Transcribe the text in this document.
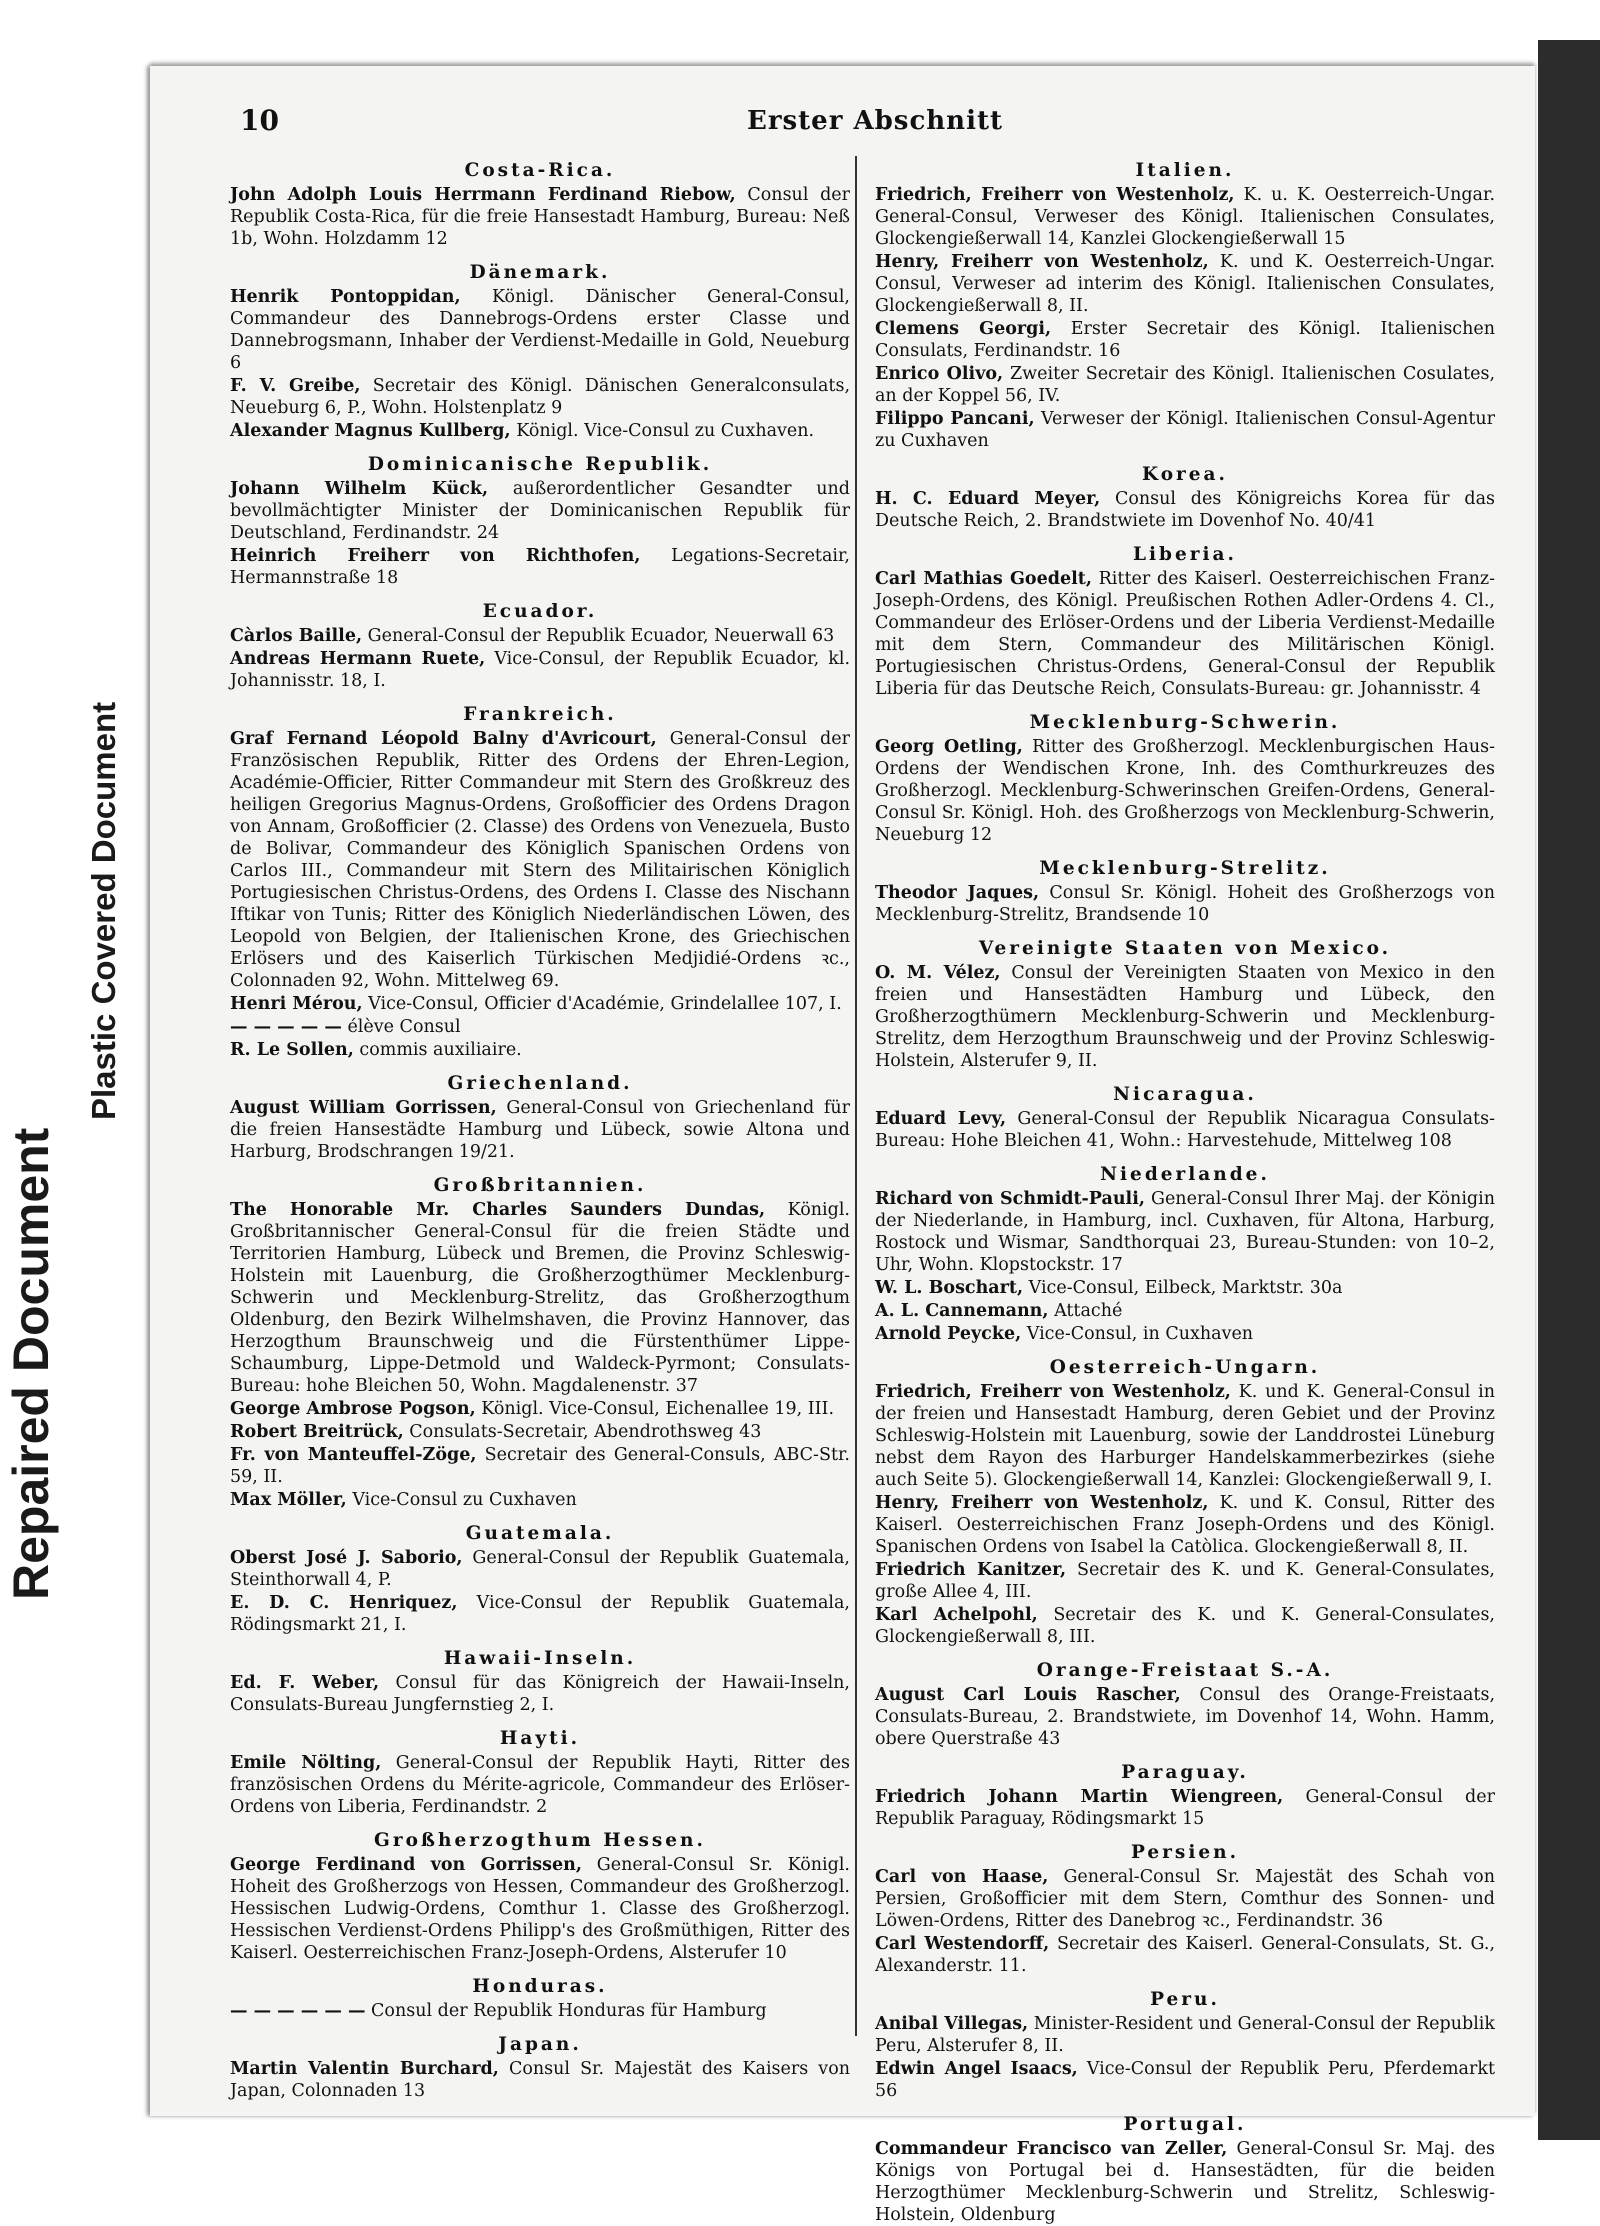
Repaired Document
Plastic Covered Document
10	Erster Abschnitt
Costa-Rica.
John Adolph Louis Herrmann Ferdinand Riebow, Consul der Republik Costa-Rica, für die freie Hansestadt Hamburg, Bureau: Neß 1b, Wohn. Holzdamm 12
Dänemark.
Henrik Pontoppidan, Königl. Dänischer General-Consul, Commandeur des Dannebrogs-Ordens erster Classe und Dannebrogsmann, Inhaber der Verdienst-Medaille in Gold, Neueburg 6
F. V. Greibe, Secretair des Königl. Dänischen Generalconsulats, Neueburg 6, P., Wohn. Holstenplatz 9
Alexander Magnus Kullberg, Königl. Vice-Consul zu Cuxhaven.
Dominicanische Republik.
Johann Wilhelm Kück, außerordentlicher Gesandter und bevollmächtigter Minister der Dominicanischen Republik für Deutschland, Ferdinandstr. 24
Heinrich Freiherr von Richthofen, Legations-Secretair, Hermannstraße 18
Ecuador.
Càrlos Baille, General-Consul der Republik Ecuador, Neuerwall 63
Andreas Hermann Ruete, Vice-Consul, der Republik Ecuador, kl. Johannisstr. 18, I.
Frankreich.
Graf Fernand Léopold Balny d'Avricourt, General-Consul der Französischen Republik, Ritter des Ordens der Ehren-Legion, Académie-Officier, Ritter Commandeur mit Stern des Großkreuz des heiligen Gregorius Magnus-Ordens, Großofficier des Ordens Dragon von Annam, Großofficier (2. Classe) des Ordens von Venezuela, Busto de Bolivar, Commandeur des Königlich Spanischen Ordens von Carlos III., Commandeur mit Stern des Militairischen Königlich Portugiesischen Christus-Ordens, des Ordens I. Classe des Nischann Iftikar von Tunis; Ritter des Königlich Niederländischen Löwen, des Leopold von Belgien, der Italienischen Krone, des Griechischen Erlösers und des Kaiserlich Türkischen Medjidié-Ordens ꝛc., Colonnaden 92, Wohn. Mittelweg 69.
Henri Mérou, Vice-Consul, Officier d'Académie, Grindelallee 107, I.
— — — — — élève Consul
R. Le Sollen, commis auxiliaire.
Griechenland.
August William Gorrissen, General-Consul von Griechenland für die freien Hansestädte Hamburg und Lübeck, sowie Altona und Harburg, Brodschrangen 19/21.
Großbritannien.
The Honorable Mr. Charles Saunders Dundas, Königl. Großbritannischer General-Consul für die freien Städte und Territorien Hamburg, Lübeck und Bremen, die Provinz Schleswig-Holstein mit Lauenburg, die Großherzogthümer Mecklenburg-Schwerin und Mecklenburg-Strelitz, das Großherzogthum Oldenburg, den Bezirk Wilhelmshaven, die Provinz Hannover, das Herzogthum Braunschweig und die Fürstenthümer Lippe-Schaumburg, Lippe-Detmold und Waldeck-Pyrmont; Consulats-Bureau: hohe Bleichen 50, Wohn. Magdalenenstr. 37
George Ambrose Pogson, Königl. Vice-Consul, Eichenallee 19, III.
Robert Breitrück, Consulats-Secretair, Abendrothsweg 43
Fr. von Manteuffel-Zöge, Secretair des General-Consuls, ABC-Str. 59, II.
Max Möller, Vice-Consul zu Cuxhaven
Guatemala.
Oberst José J. Saborio, General-Consul der Republik Guatemala, Steinthorwall 4, P.
E. D. C. Henriquez, Vice-Consul der Republik Guatemala, Rödingsmarkt 21, I.
Hawaii-Inseln.
Ed. F. Weber, Consul für das Königreich der Hawaii-Inseln, Consulats-Bureau Jungfernstieg 2, I.
Hayti.
Emile Nölting, General-Consul der Republik Hayti, Ritter des französischen Ordens du Mérite-agricole, Commandeur des Erlöser-Ordens von Liberia, Ferdinandstr. 2
Großherzogthum Hessen.
George Ferdinand von Gorrissen, General-Consul Sr. Königl. Hoheit des Großherzogs von Hessen, Commandeur des Großherzogl. Hessischen Ludwig-Ordens, Comthur 1. Classe des Großherzogl. Hessischen Verdienst-Ordens Philipp's des Großmüthigen, Ritter des Kaiserl. Oesterreichischen Franz-Joseph-Ordens, Alsterufer 10
Honduras.
— — — — — — Consul der Republik Honduras für Hamburg
Japan.
Martin Valentin Burchard, Consul Sr. Majestät des Kaisers von Japan, Colonnaden 13
Italien.
Friedrich, Freiherr von Westenholz, K. u. K. Oesterreich-Ungar. General-Consul, Verweser des Königl. Italienischen Consulates, Glockengießerwall 14, Kanzlei Glockengießerwall 15
Henry, Freiherr von Westenholz, K. und K. Oesterreich-Ungar. Consul, Verweser ad interim des Königl. Italienischen Consulates, Glockengießerwall 8, II.
Clemens Georgi, Erster Secretair des Königl. Italienischen Consulats, Ferdinandstr. 16
Enrico Olivo, Zweiter Secretair des Königl. Italienischen Cosulates, an der Koppel 56, IV.
Filippo Pancani, Verweser der Königl. Italienischen Consul-Agentur zu Cuxhaven
Korea.
H. C. Eduard Meyer, Consul des Königreichs Korea für das Deutsche Reich, 2. Brandstwiete im Dovenhof No. 40/41
Liberia.
Carl Mathias Goedelt, Ritter des Kaiserl. Oesterreichischen Franz-Joseph-Ordens, des Königl. Preußischen Rothen Adler-Ordens 4. Cl., Commandeur des Erlöser-Ordens und der Liberia Verdienst-Medaille mit dem Stern, Commandeur des Militärischen Königl. Portugiesischen Christus-Ordens, General-Consul der Republik Liberia für das Deutsche Reich, Consulats-Bureau: gr. Johannisstr. 4
Mecklenburg-Schwerin.
Georg Oetling, Ritter des Großherzogl. Mecklenburgischen Haus-Ordens der Wendischen Krone, Inh. des Comthurkreuzes des Großherzogl. Mecklenburg-Schwerinschen Greifen-Ordens, General-Consul Sr. Königl. Hoh. des Großherzogs von Mecklenburg-Schwerin, Neueburg 12
Mecklenburg-Strelitz.
Theodor Jaques, Consul Sr. Königl. Hoheit des Großherzogs von Mecklenburg-Strelitz, Brandsende 10
Vereinigte Staaten von Mexico.
O. M. Vélez, Consul der Vereinigten Staaten von Mexico in den freien und Hansestädten Hamburg und Lübeck, den Großherzogthümern Mecklenburg-Schwerin und Mecklenburg-Strelitz, dem Herzogthum Braunschweig und der Provinz Schleswig-Holstein, Alsterufer 9, II.
Nicaragua.
Eduard Levy, General-Consul der Republik Nicaragua Consulats-Bureau: Hohe Bleichen 41, Wohn.: Harvestehude, Mittelweg 108
Niederlande.
Richard von Schmidt-Pauli, General-Consul Ihrer Maj. der Königin der Niederlande, in Hamburg, incl. Cuxhaven, für Altona, Harburg, Rostock und Wismar, Sandthorquai 23, Bureau-Stunden: von 10–2, Uhr, Wohn. Klopstockstr. 17
W. L. Boschart, Vice-Consul, Eilbeck, Marktstr. 30a
A. L. Cannemann, Attaché
Arnold Peycke, Vice-Consul, in Cuxhaven
Oesterreich-Ungarn.
Friedrich, Freiherr von Westenholz, K. und K. General-Consul in der freien und Hansestadt Hamburg, deren Gebiet und der Provinz Schleswig-Holstein mit Lauenburg, sowie der Landdrostei Lüneburg nebst dem Rayon des Harburger Handelskammerbezirkes (siehe auch Seite 5). Glockengießerwall 14, Kanzlei: Glockengießerwall 9, I.
Henry, Freiherr von Westenholz, K. und K. Consul, Ritter des Kaiserl. Oesterreichischen Franz Joseph-Ordens und des Königl. Spanischen Ordens von Isabel la Catòlica. Glockengießerwall 8, II.
Friedrich Kanitzer, Secretair des K. und K. General-Consulates, große Allee 4, III.
Karl Achelpohl, Secretair des K. und K. General-Consulates, Glockengießerwall 8, III.
Orange-Freistaat S.-A.
August Carl Louis Rascher, Consul des Orange-Freistaats, Consulats-Bureau, 2. Brandstwiete, im Dovenhof 14, Wohn. Hamm, obere Querstraße 43
Paraguay.
Friedrich Johann Martin Wiengreen, General-Consul der Republik Paraguay, Rödingsmarkt 15
Persien.
Carl von Haase, General-Consul Sr. Majestät des Schah von Persien, Großofficier mit dem Stern, Comthur des Sonnen- und Löwen-Ordens, Ritter des Danebrog ꝛc., Ferdinandstr. 36
Carl Westendorff, Secretair des Kaiserl. General-Consulats, St. G., Alexanderstr. 11.
Peru.
Anibal Villegas, Minister-Resident und General-Consul der Republik Peru, Alsterufer 8, II.
Edwin Angel Isaacs, Vice-Consul der Republik Peru, Pferdemarkt 56
Portugal.
Commandeur Francisco van Zeller, General-Consul Sr. Maj. des Königs von Portugal bei d. Hansestädten, für die beiden Herzogthümer Mecklenburg-Schwerin und Strelitz, Schleswig-Holstein, Oldenburg
